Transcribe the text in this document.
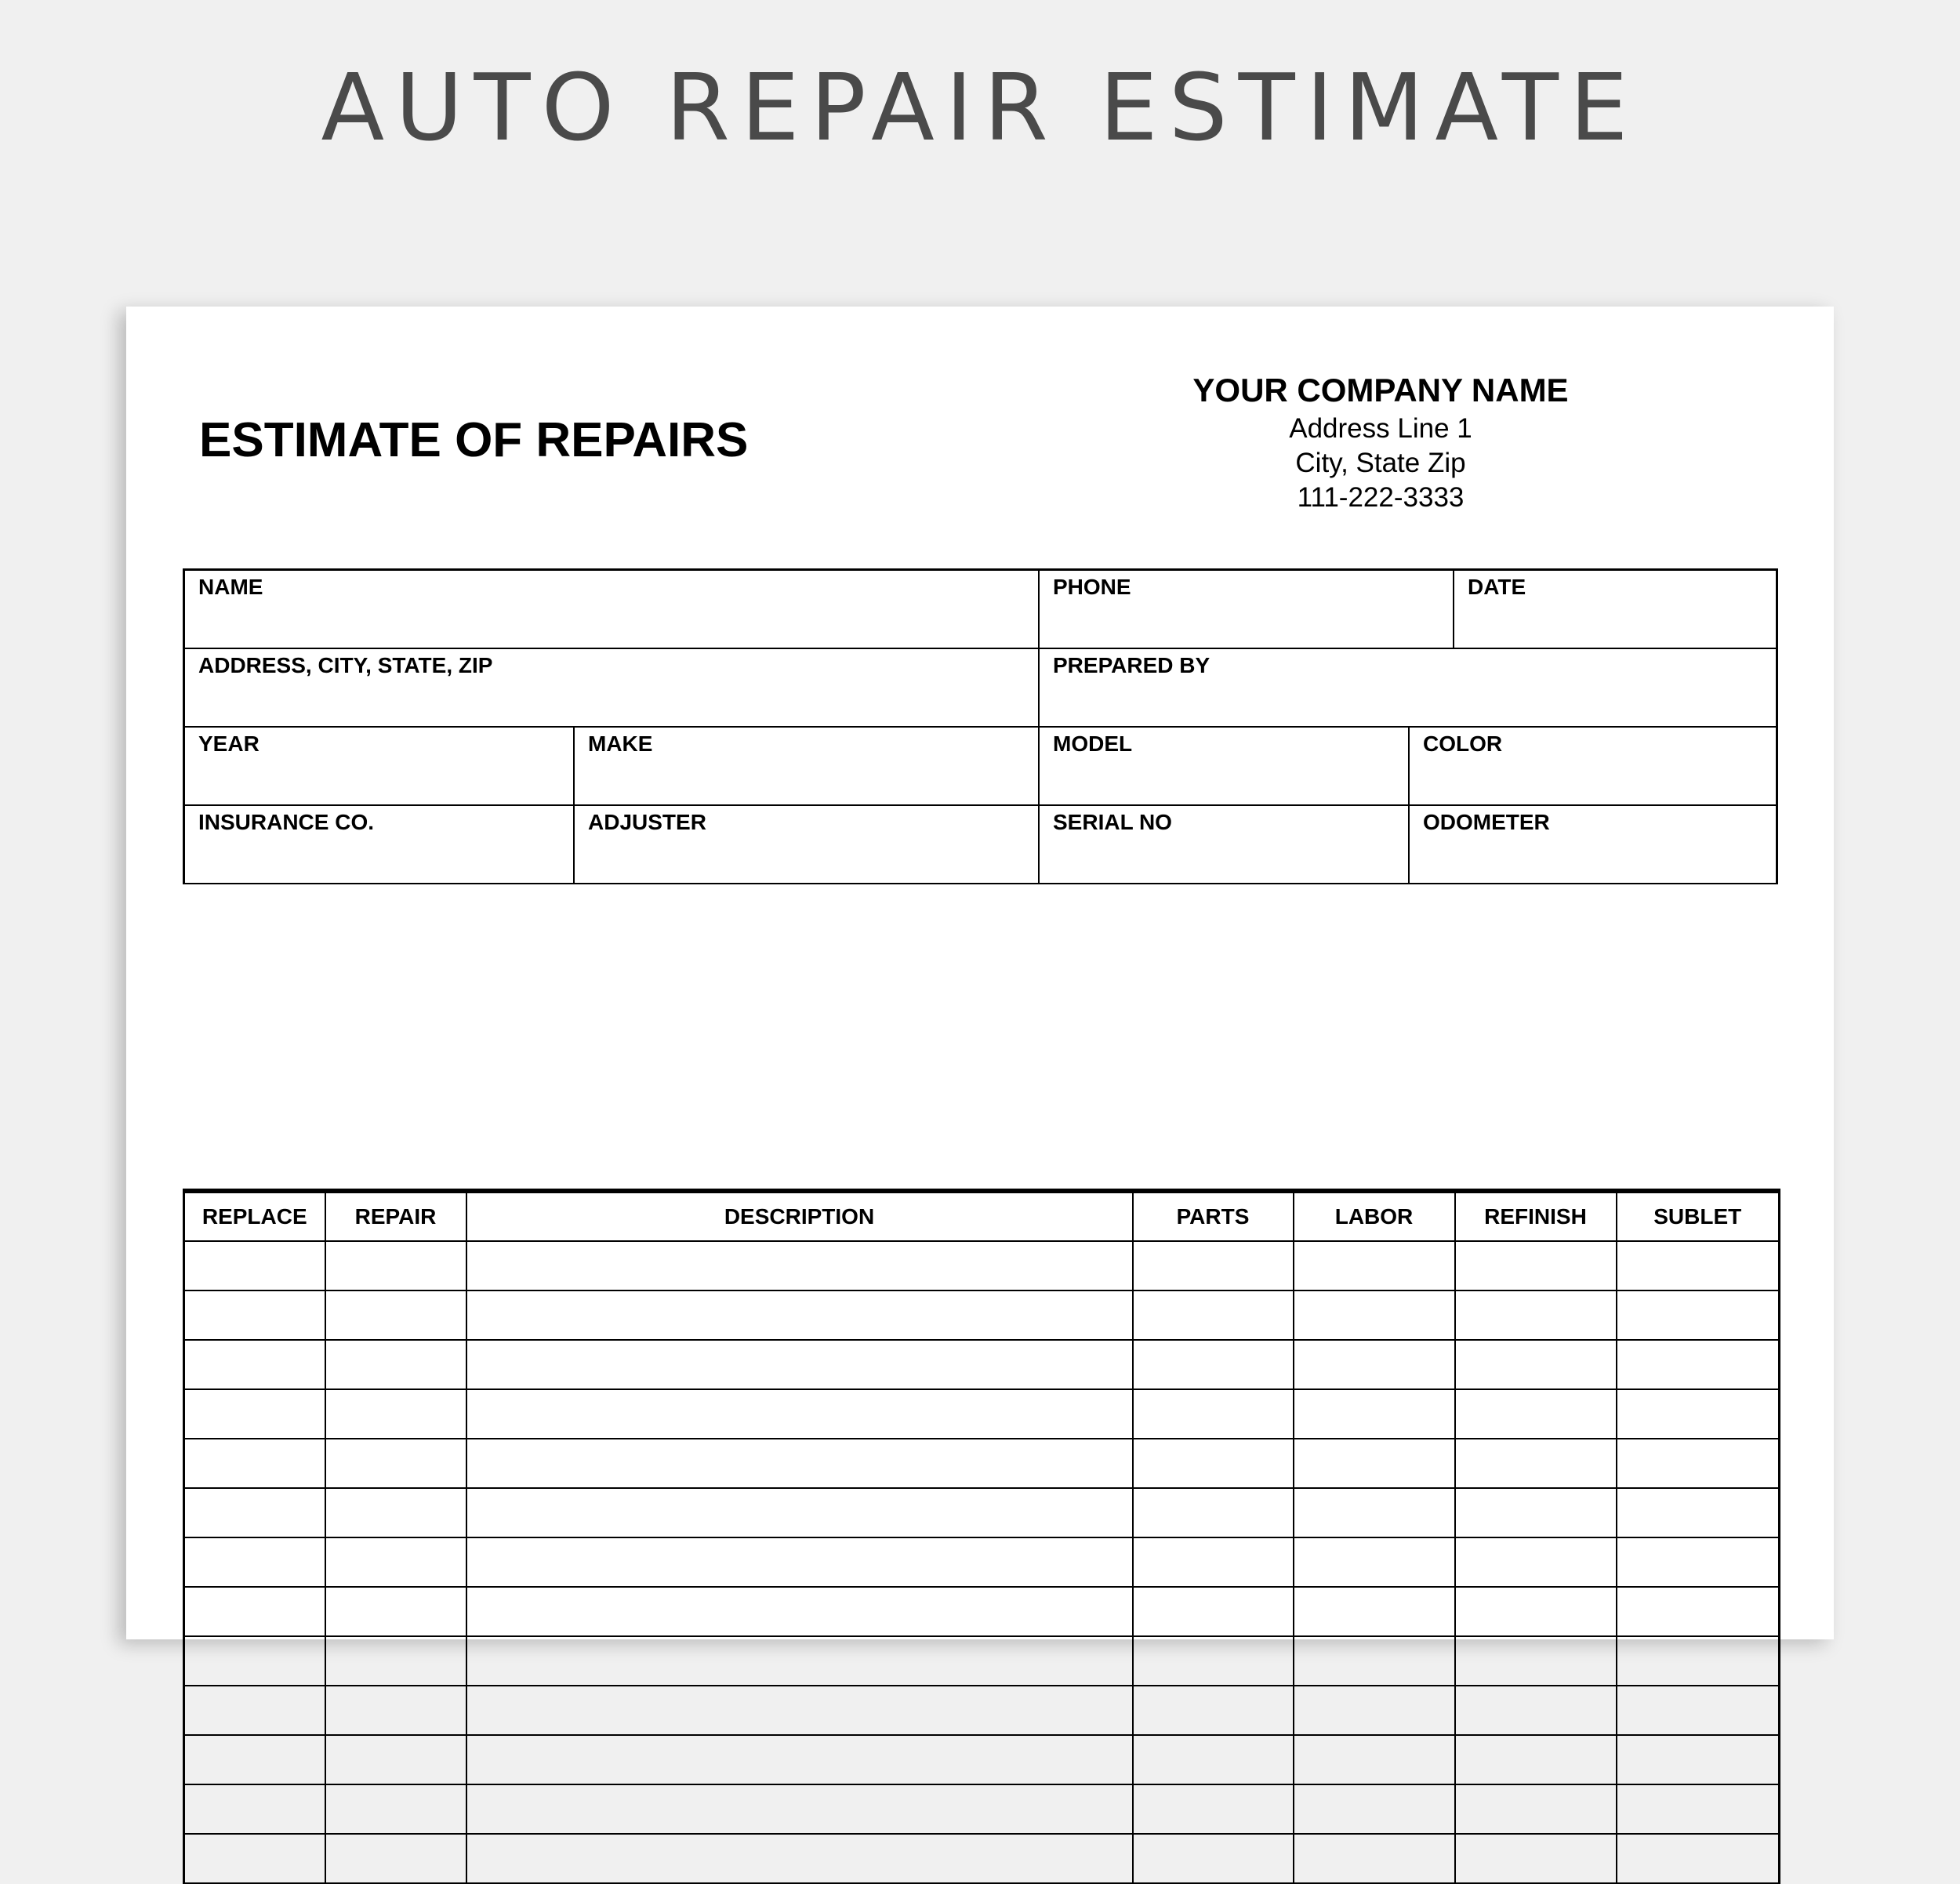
AUTO REPAIR ESTIMATE
ESTIMATE OF REPAIRS
YOUR COMPANY NAME
Address Line 1
City, State Zip
111-222-3333
NAME	PHONE	DATE
ADDRESS, CITY, STATE, ZIP	PREPARED BY
YEAR	MAKE	MODEL	COLOR
INSURANCE CO.	ADJUSTER	SERIAL NO	ODOMETER
REPLACE	REPAIR	DESCRIPTION	PARTS	LABOR	REFINISH	SUBLET
